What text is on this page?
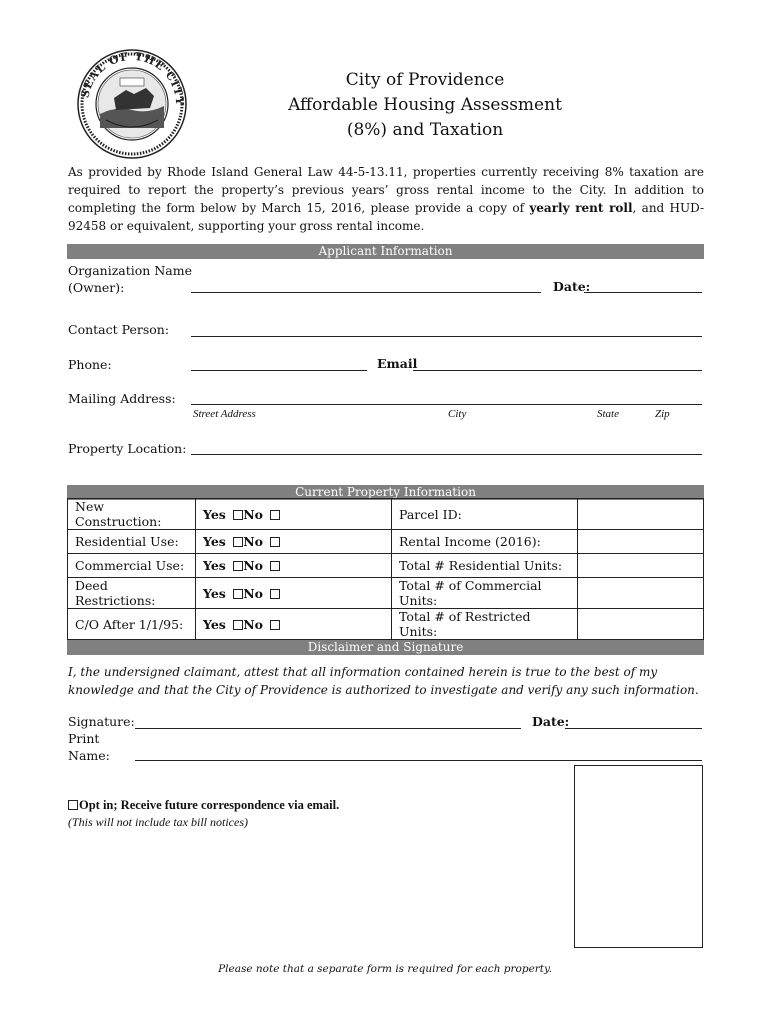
SEAL OF THE CITY
City of Providence
Affordable Housing Assessment
(8%) and Taxation
As provided by Rhode Island General Law 44-5-13.11, properties currently receiving 8% taxation are required to report the property’s previous years’ gross rental income to the City. In addition to completing the form below by March 15, 2016, please provide a copy of yearly rent roll, and HUD-92458 or equivalent, supporting your gross rental income.
Applicant Information
Organization Name
(Owner):	Date:
Contact Person:
Phone:	Email
Mailing Address:
Street Address	City	State	Zip
Property Location:
Current Property Information
New Construction:	Yes No	Parcel ID:	
Residential Use:	Yes No	Rental Income (2016):	
Commercial Use:	Yes No	Total # Residential Units:	
Deed Restrictions:	Yes No	Total # of Commercial Units:	
C/O After 1/1/95:	Yes No	Total # of Restricted Units:	
Disclaimer and Signature
I, the undersigned claimant, attest that all information contained herein is true to the best of my knowledge and that the City of Providence is authorized to investigate and verify any such information.
Signature:	Date:
Print
Name:
Opt in; Receive future correspondence via email.
(This will not include tax bill notices)
Please note that a separate form is required for each property.
